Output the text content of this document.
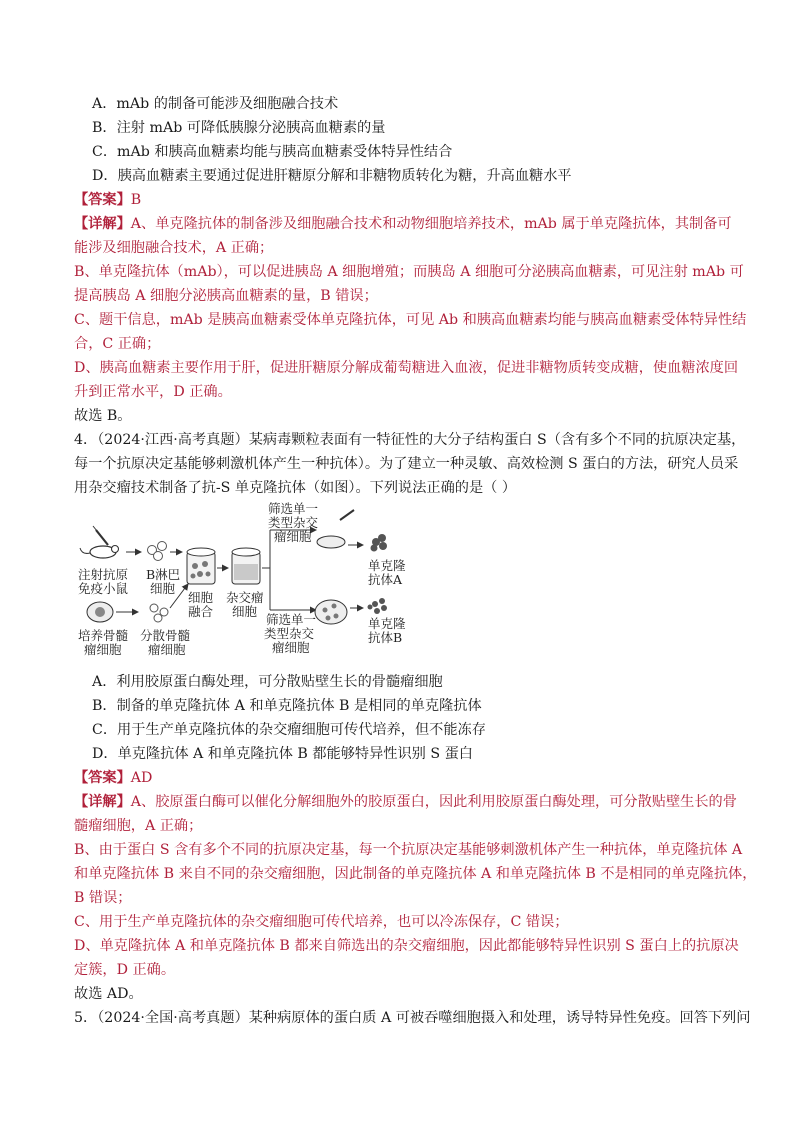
A．mAb 的制备可能涉及细胞融合技术
B．注射 mAb 可降低胰腺分泌胰高血糖素的量
C．mAb 和胰高血糖素均能与胰高血糖素受体特异性结合
D．胰高血糖素主要通过促进肝糖原分解和非糖物质转化为糖，升高血糖水平
【答案】B
【详解】A、单克隆抗体的制备涉及细胞融合技术和动物细胞培养技术，mAb 属于单克隆抗体，其制备可
能涉及细胞融合技术，A 正确；
B、单克隆抗体（mAb），可以促进胰岛 A 细胞增殖；而胰岛 A 细胞可分泌胰高血糖素，可见注射 mAb 可
提高胰岛 A 细胞分泌胰高血糖素的量，B 错误；
C、题干信息，mAb 是胰高血糖素受体单克隆抗体，可见 Ab 和胰高血糖素均能与胰高血糖素受体特异性结
合，C 正确；
D、胰高血糖素主要作用于肝，促进肝糖原分解成葡萄糖进入血液，促进非糖物质转变成糖，使血糖浓度回
升到正常水平，D 正确。
故选 B。
4．（2024·江西·高考真题）某病毒颗粒表面有一特征性的大分子结构蛋白 S（含有多个不同的抗原决定基，
每一个抗原决定基能够刺激机体产生一种抗体）。为了建立一种灵敏、高效检测 S 蛋白的方法，研究人员采
用杂交瘤技术制备了抗-S 单克隆抗体（如图）。下列说法正确的是（ ）
筛选单一
类型杂交
瘤细胞
注射抗原
免疫小鼠
B淋巴
细胞
细胞
融合
杂交瘤
细胞
单克隆
抗体A
单克隆
抗体B
筛选单一
类型杂交
瘤细胞
培养骨髓
瘤细胞
分散骨髓
瘤细胞
A．利用胶原蛋白酶处理，可分散贴壁生长的骨髓瘤细胞
B．制备的单克隆抗体 A 和单克隆抗体 B 是相同的单克隆抗体
C．用于生产单克隆抗体的杂交瘤细胞可传代培养，但不能冻存
D．单克隆抗体 A 和单克隆抗体 B 都能够特异性识别 S 蛋白
【答案】AD
【详解】A、胶原蛋白酶可以催化分解细胞外的胶原蛋白，因此利用胶原蛋白酶处理，可分散贴壁生长的骨
髓瘤细胞，A 正确；
B、由于蛋白 S 含有多个不同的抗原决定基，每一个抗原决定基能够刺激机体产生一种抗体，单克隆抗体 A
和单克隆抗体 B 来自不同的杂交瘤细胞，因此制备的单克隆抗体 A 和单克隆抗体 B 不是相同的单克隆抗体，
B 错误；
C、用于生产单克隆抗体的杂交瘤细胞可传代培养，也可以冷冻保存，C 错误；
D、单克隆抗体 A 和单克隆抗体 B 都来自筛选出的杂交瘤细胞，因此都能够特异性识别 S 蛋白上的抗原决
定簇，D 正确。
故选 AD。
5．（2024·全国·高考真题）某种病原体的蛋白质 A 可被吞噬细胞摄入和处理，诱导特异性免疫。回答下列问
